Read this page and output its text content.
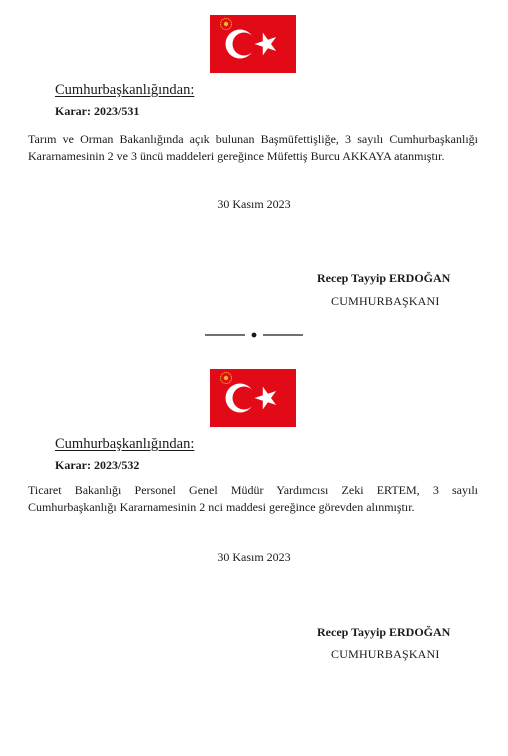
Cumhurbaşkanlığından:
Karar: 2023/531
Tarım ve Orman Bakanlığında açık bulunan Başmüfettişliğe, 3 sayılı Cumhurbaşkanlığı Kararnamesinin 2 ve 3 üncü maddeleri gereğince Müfettiş Burcu AKKAYA atanmıştır.
30 Kasım 2023
Recep Tayyip ERDOĞAN
CUMHURBAŞKANI
Cumhurbaşkanlığından:
Karar: 2023/532
Ticaret Bakanlığı Personel Genel Müdür Yardımcısı Zeki ERTEM, 3 sayılı Cumhurbaşkanlığı Kararnamesinin 2 nci maddesi gereğince görevden alınmıştır.
30 Kasım 2023
Recep Tayyip ERDOĞAN
CUMHURBAŞKANI
